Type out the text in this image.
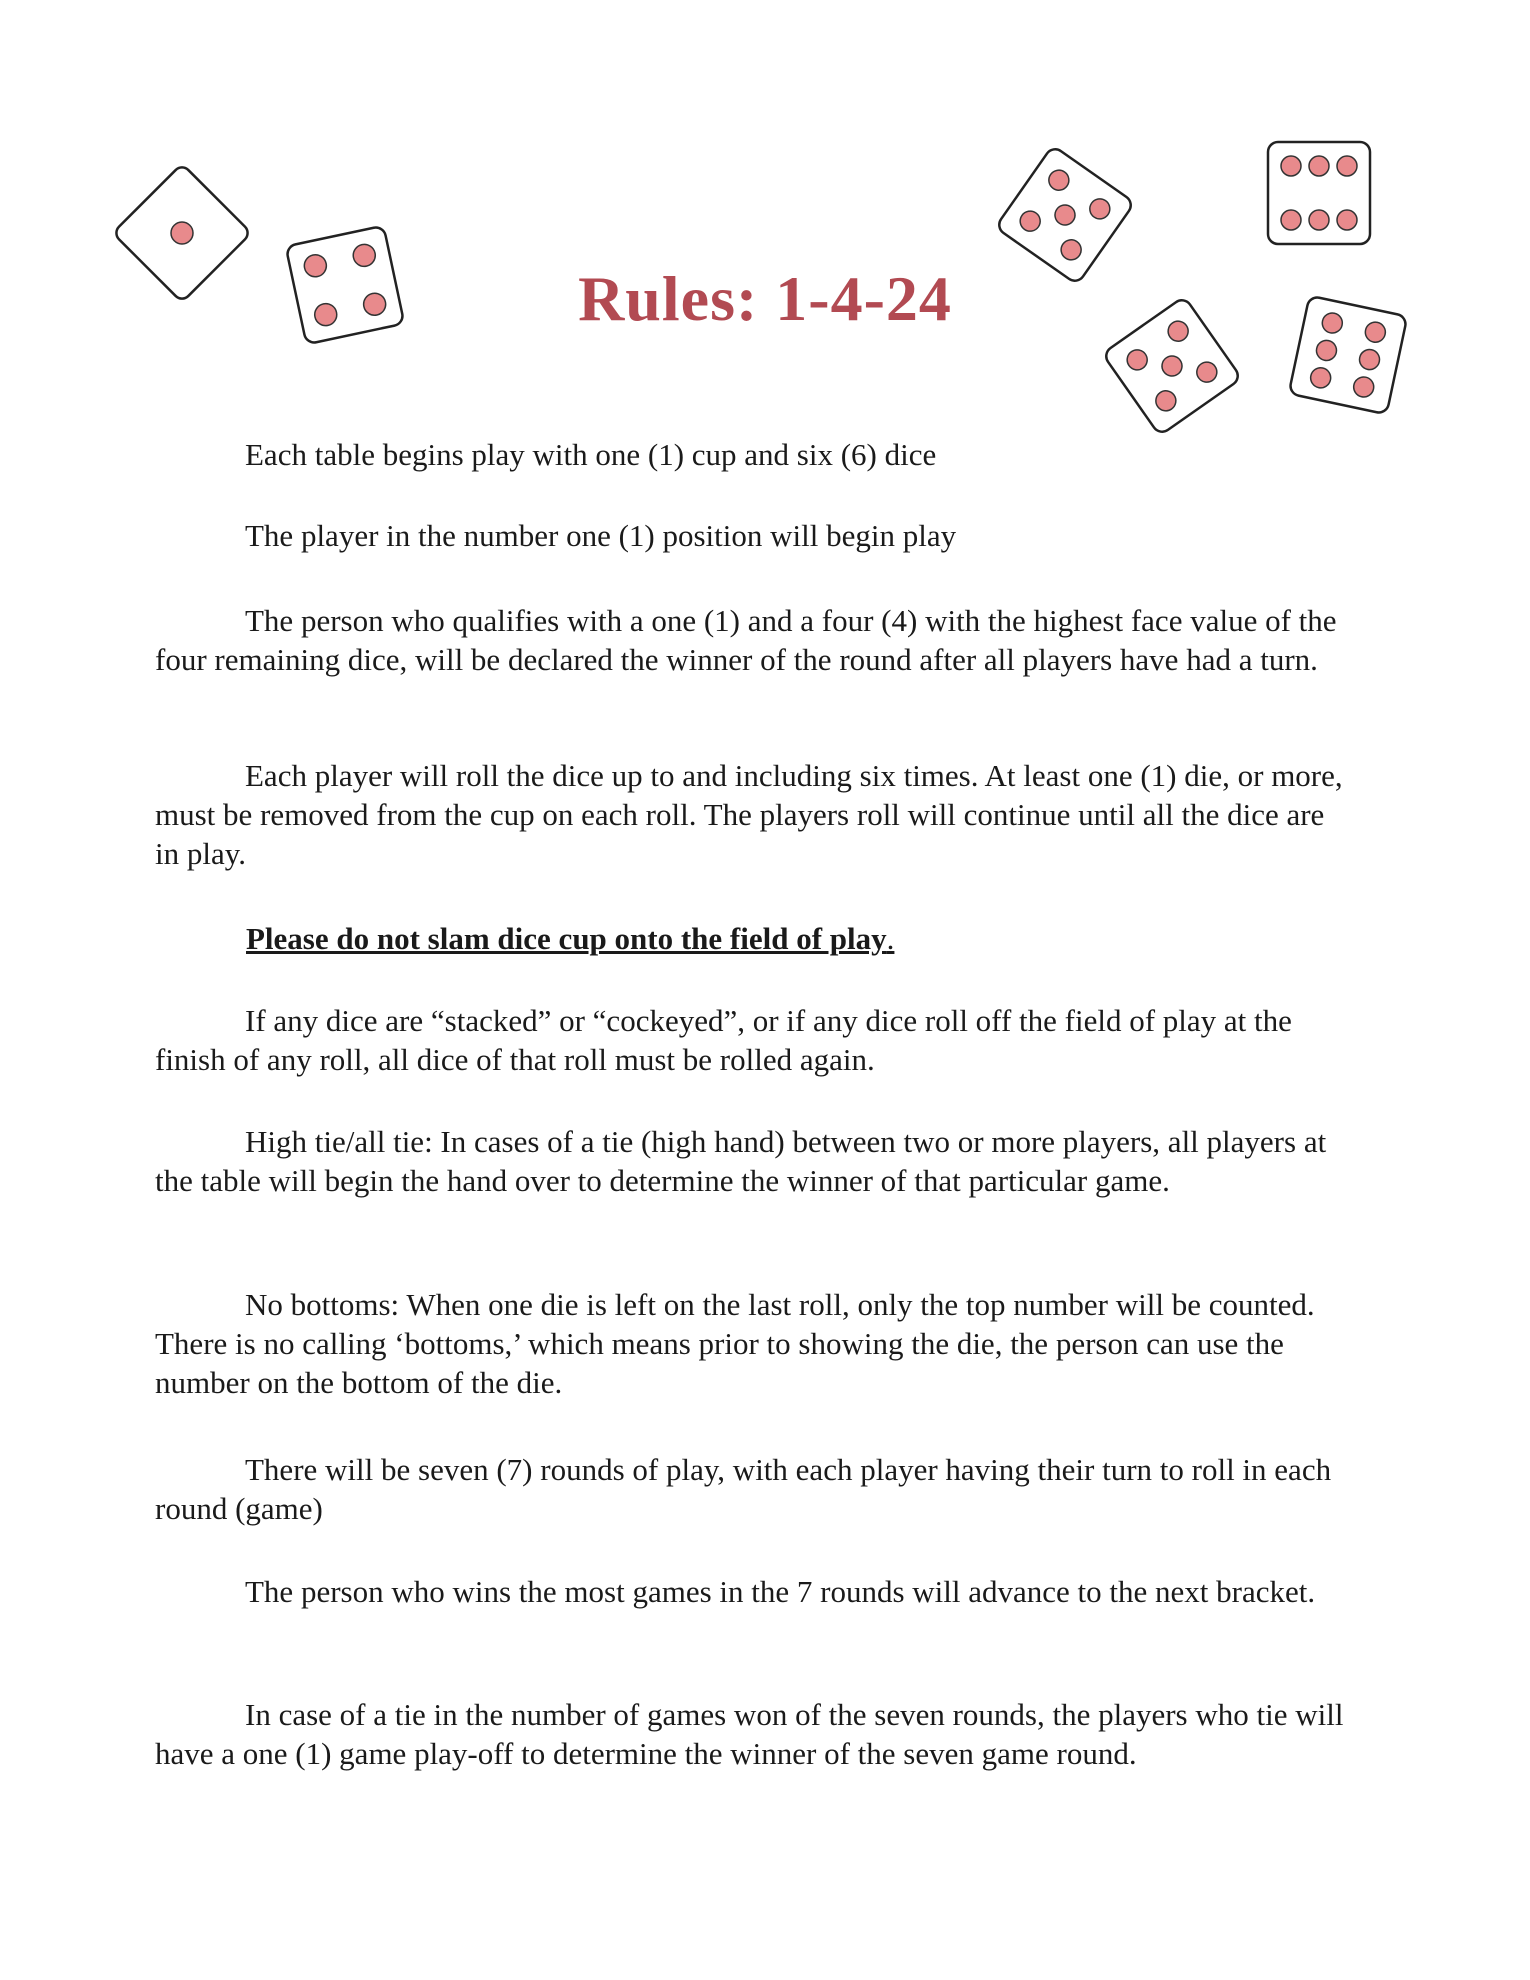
Rules: 1-4-24

Each table begins play with one (1) cup and six (6) dice

The player in the number one (1) position will begin play

The person who qualifies with a one (1) and a four (4) with the highest face value of the four remaining dice, will be declared the winner of the round after all players have had a turn.

Each player will roll the dice up to and including six times. At least one (1) die, or more, must be removed from the cup on each roll. The players roll will continue until all the dice are in play.

Please do not slam dice cup onto the field of play.

If any dice are “stacked” or “cockeyed”, or if any dice roll off the field of play at the finish of any roll, all dice of that roll must be rolled again.

High tie/all tie: In cases of a tie (high hand) between two or more players, all players at the table will begin the hand over to determine the winner of that particular game.

No bottoms: When one die is left on the last roll, only the top number will be counted. There is no calling ‘bottoms,’ which means prior to showing the die, the person can use the number on the bottom of the die.

There will be seven (7) rounds of play, with each player having their turn to roll in each round (game)

The person who wins the most games in the 7 rounds will advance to the next bracket.

In case of a tie in the number of games won of the seven rounds, the players who tie will have a one (1) game play-off to determine the winner of the seven game round.
